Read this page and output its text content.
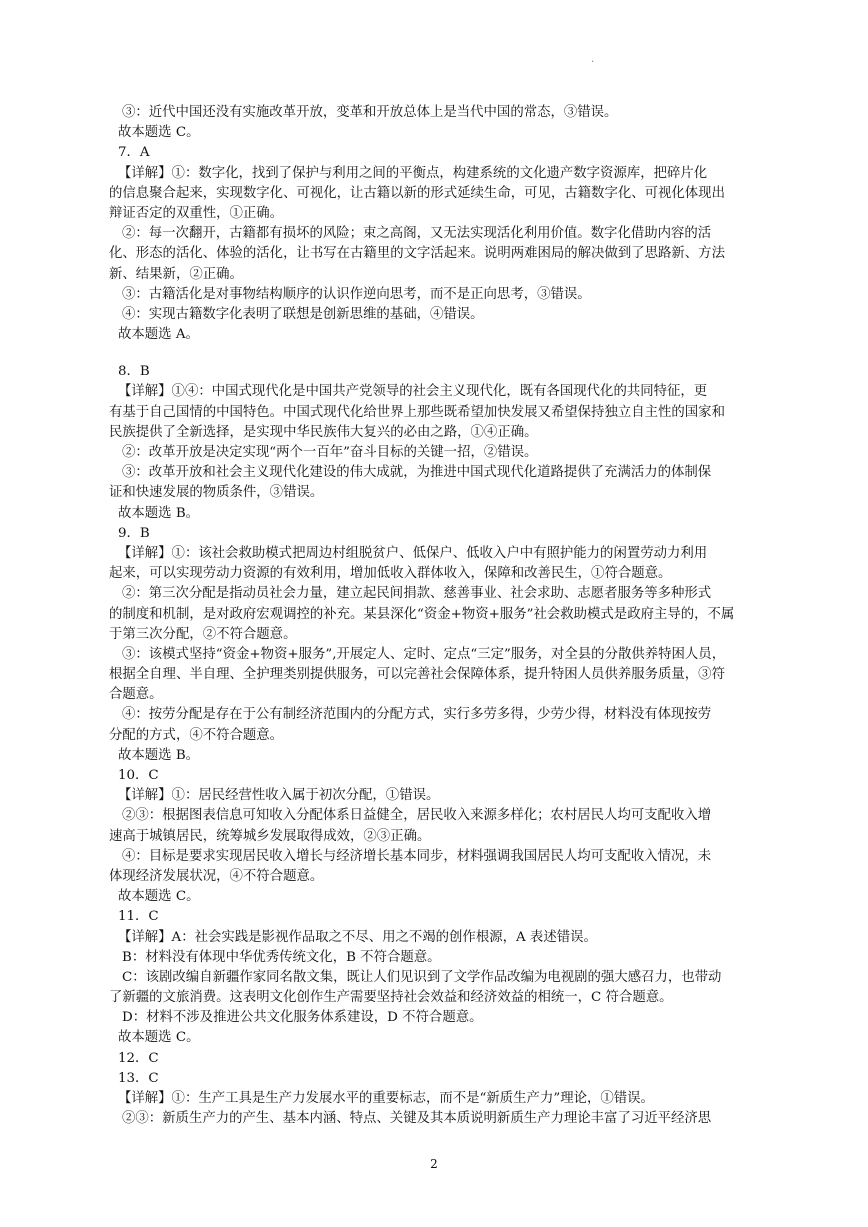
.
③：近代中国还没有实施改革开放，变革和开放总体上是当代中国的常态，③错误。
故本题选 C。
7．A
【详解】①：数字化，找到了保护与利用之间的平衡点，构建系统的文化遗产数字资源库，把碎片化
的信息聚合起来，实现数字化、可视化，让古籍以新的形式延续生命，可见，古籍数字化、可视化体现出
辩证否定的双重性，①正确。
②：每一次翻开，古籍都有损坏的风险；束之高阁，又无法实现活化利用价值。数字化借助内容的活
化、形态的活化、体验的活化，让书写在古籍里的文字活起来。说明两难困局的解决做到了思路新、方法
新、结果新，②正确。
③：古籍活化是对事物结构顺序的认识作逆向思考，而不是正向思考，③错误。
④：实现古籍数字化表明了联想是创新思维的基础，④错误。
故本题选 A。
8．B
【详解】①④：中国式现代化是中国共产党领导的社会主义现代化，既有各国现代化的共同特征，更
有基于自己国情的中国特色。中国式现代化给世界上那些既希望加快发展又希望保持独立自主性的国家和
民族提供了全新选择，是实现中华民族伟大复兴的必由之路，①④正确。
②：改革开放是决定实现“两个一百年”奋斗目标的关键一招，②错误。
③：改革开放和社会主义现代化建设的伟大成就，为推进中国式现代化道路提供了充满活力的体制保
证和快速发展的物质条件，③错误。
故本题选 B。
9．B
【详解】①：该社会救助模式把周边村组脱贫户、低保户、低收入户中有照护能力的闲置劳动力利用
起来，可以实现劳动力资源的有效利用，增加低收入群体收入，保障和改善民生，①符合题意。
②：第三次分配是指动员社会力量，建立起民间捐款、慈善事业、社会求助、志愿者服务等多种形式
的制度和机制，是对政府宏观调控的补充。某县深化“资金+物资+服务”社会救助模式是政府主导的，不属
于第三次分配，②不符合题意。
③：该模式坚持“资金+物资+服务”,开展定人、定时、定点“三定”服务，对全县的分散供养特困人员，
根据全自理、半自理、全护理类别提供服务，可以完善社会保障体系，提升特困人员供养服务质量，③符
合题意。
④：按劳分配是存在于公有制经济范围内的分配方式，实行多劳多得，少劳少得，材料没有体现按劳
分配的方式，④不符合题意。
故本题选 B。
10．C
【详解】①：居民经营性收入属于初次分配，①错误。
②③：根据图表信息可知收入分配体系日益健全，居民收入来源多样化；农村居民人均可支配收入增
速高于城镇居民，统筹城乡发展取得成效，②③正确。
④：目标是要求实现居民收入增长与经济增长基本同步，材料强调我国居民人均可支配收入情况，未
体现经济发展状况，④不符合题意。
故本题选 C。
11．C
【详解】A：社会实践是影视作品取之不尽、用之不竭的创作根源，A 表述错误。
B：材料没有体现中华优秀传统文化，B 不符合题意。
C：该剧改编自新疆作家同名散文集，既让人们见识到了文学作品改编为电视剧的强大感召力，也带动
了新疆的文旅消费。这表明文化创作生产需要坚持社会效益和经济效益的相统一，C 符合题意。
D：材料不涉及推进公共文化服务体系建设，D 不符合题意。
故本题选 C。
12．C
13．C
【详解】①：生产工具是生产力发展水平的重要标志，而不是“新质生产力”理论，①错误。
②③：新质生产力的产生、基本内涵、特点、关键及其本质说明新质生产力理论丰富了习近平经济思
2
